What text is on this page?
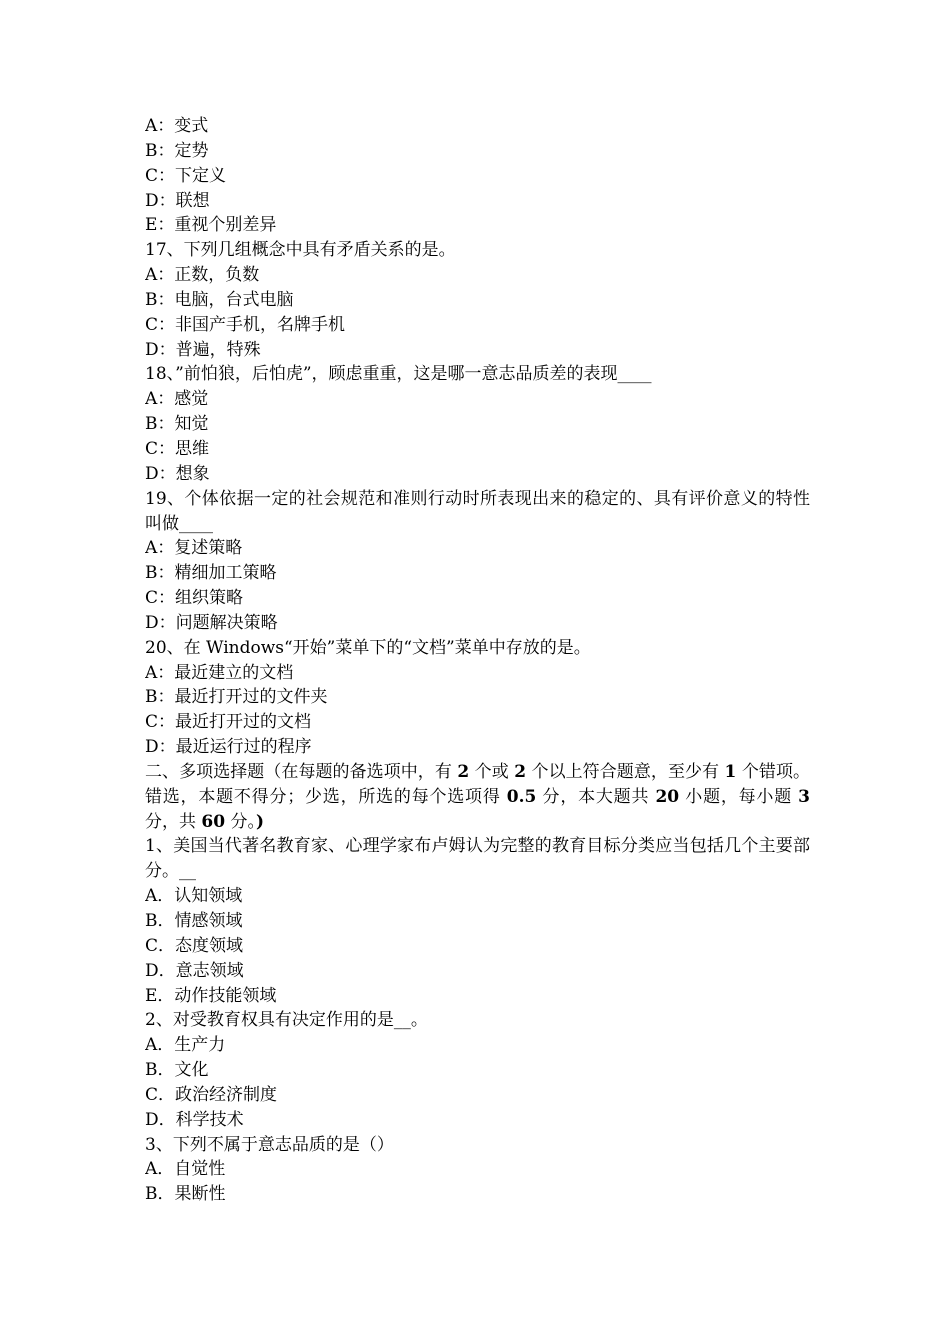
A：变式
B：定势
C：下定义
D：联想
E：重视个别差异
17、下列几组概念中具有矛盾关系的是。
A：正数，负数
B：电脑，台式电脑
C：非国产手机，名牌手机
D：普遍，特殊
18、”前怕狼，后怕虎”，顾虑重重，这是哪一意志品质差的表现____
A：感觉
B：知觉
C：思维
D：想象
19、个体依据一定的社会规范和准则行动时所表现出来的稳定的、具有评价意义的特性叫做____
A：复述策略
B：精细加工策略
C：组织策略
D：问题解决策略
20、在 Windows“开始”菜单下的“文档”菜单中存放的是。
A：最近建立的文档
B：最近打开过的文件夹
C：最近打开过的文档
D：最近运行过的程序
二、多项选择题（在每题的备选项中，有 2 个或 2 个以上符合题意，至少有 1 个错项。错选，本题不得分；少选，所选的每个选项得 0.5 分，本大题共 20 小题，每小题 3 分，共 60 分。)
1、美国当代著名教育家、心理学家布卢姆认为完整的教育目标分类应当包括几个主要部分。__
A．认知领域
B．情感领域
C．态度领域
D．意志领域
E．动作技能领域
2、对受教育权具有决定作用的是__。
A．生产力
B．文化
C．政治经济制度
D．科学技术
3、下列不属于意志品质的是（）
A．自觉性
B．果断性
